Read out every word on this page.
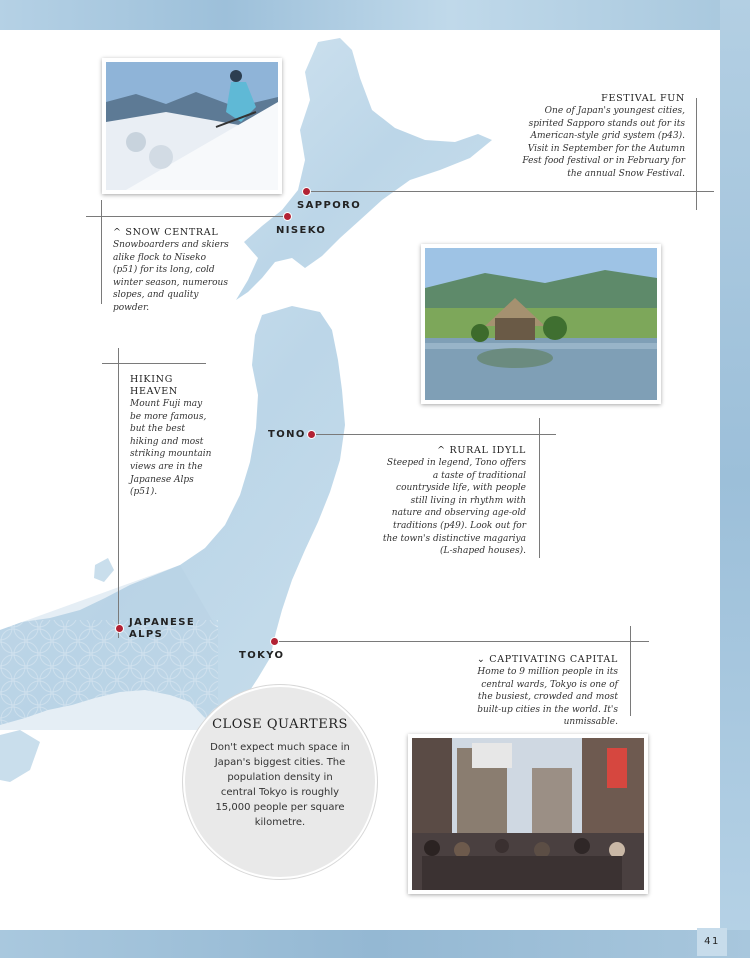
SAPPORO
NISEKO
TONO
JAPANESE ALPS
TOKYO
FESTIVAL FUN
One of Japan's youngest cities, spirited Sapporo stands out for its American-style grid system (p43). Visit in September for the Autumn Fest food festival or in February for the annual Snow Festival.
^ SNOW CENTRAL
Snowboarders and skiers alike flock to Niseko (p51) for its long, cold winter season, numerous slopes, and quality powder.
HIKING HEAVEN
Mount Fuji may be more famous, but the best hiking and most striking mountain views are in the Japanese Alps (p51).
^ RURAL IDYLL
Steeped in legend, Tono offers a taste of traditional countryside life, with people still living in rhythm with nature and observing age-old traditions (p49). Look out for the town's distinctive magariya (L-shaped houses).
⌄ CAPTIVATING CAPITAL
Home to 9 million people in its central wards, Tokyo is one of the busiest, crowded and most built-up cities in the world. It's unmissable.
CLOSE QUARTERS
Don't expect much space in Japan's biggest cities. The population density in central Tokyo is roughly 15,000 people per square kilometre.
41
